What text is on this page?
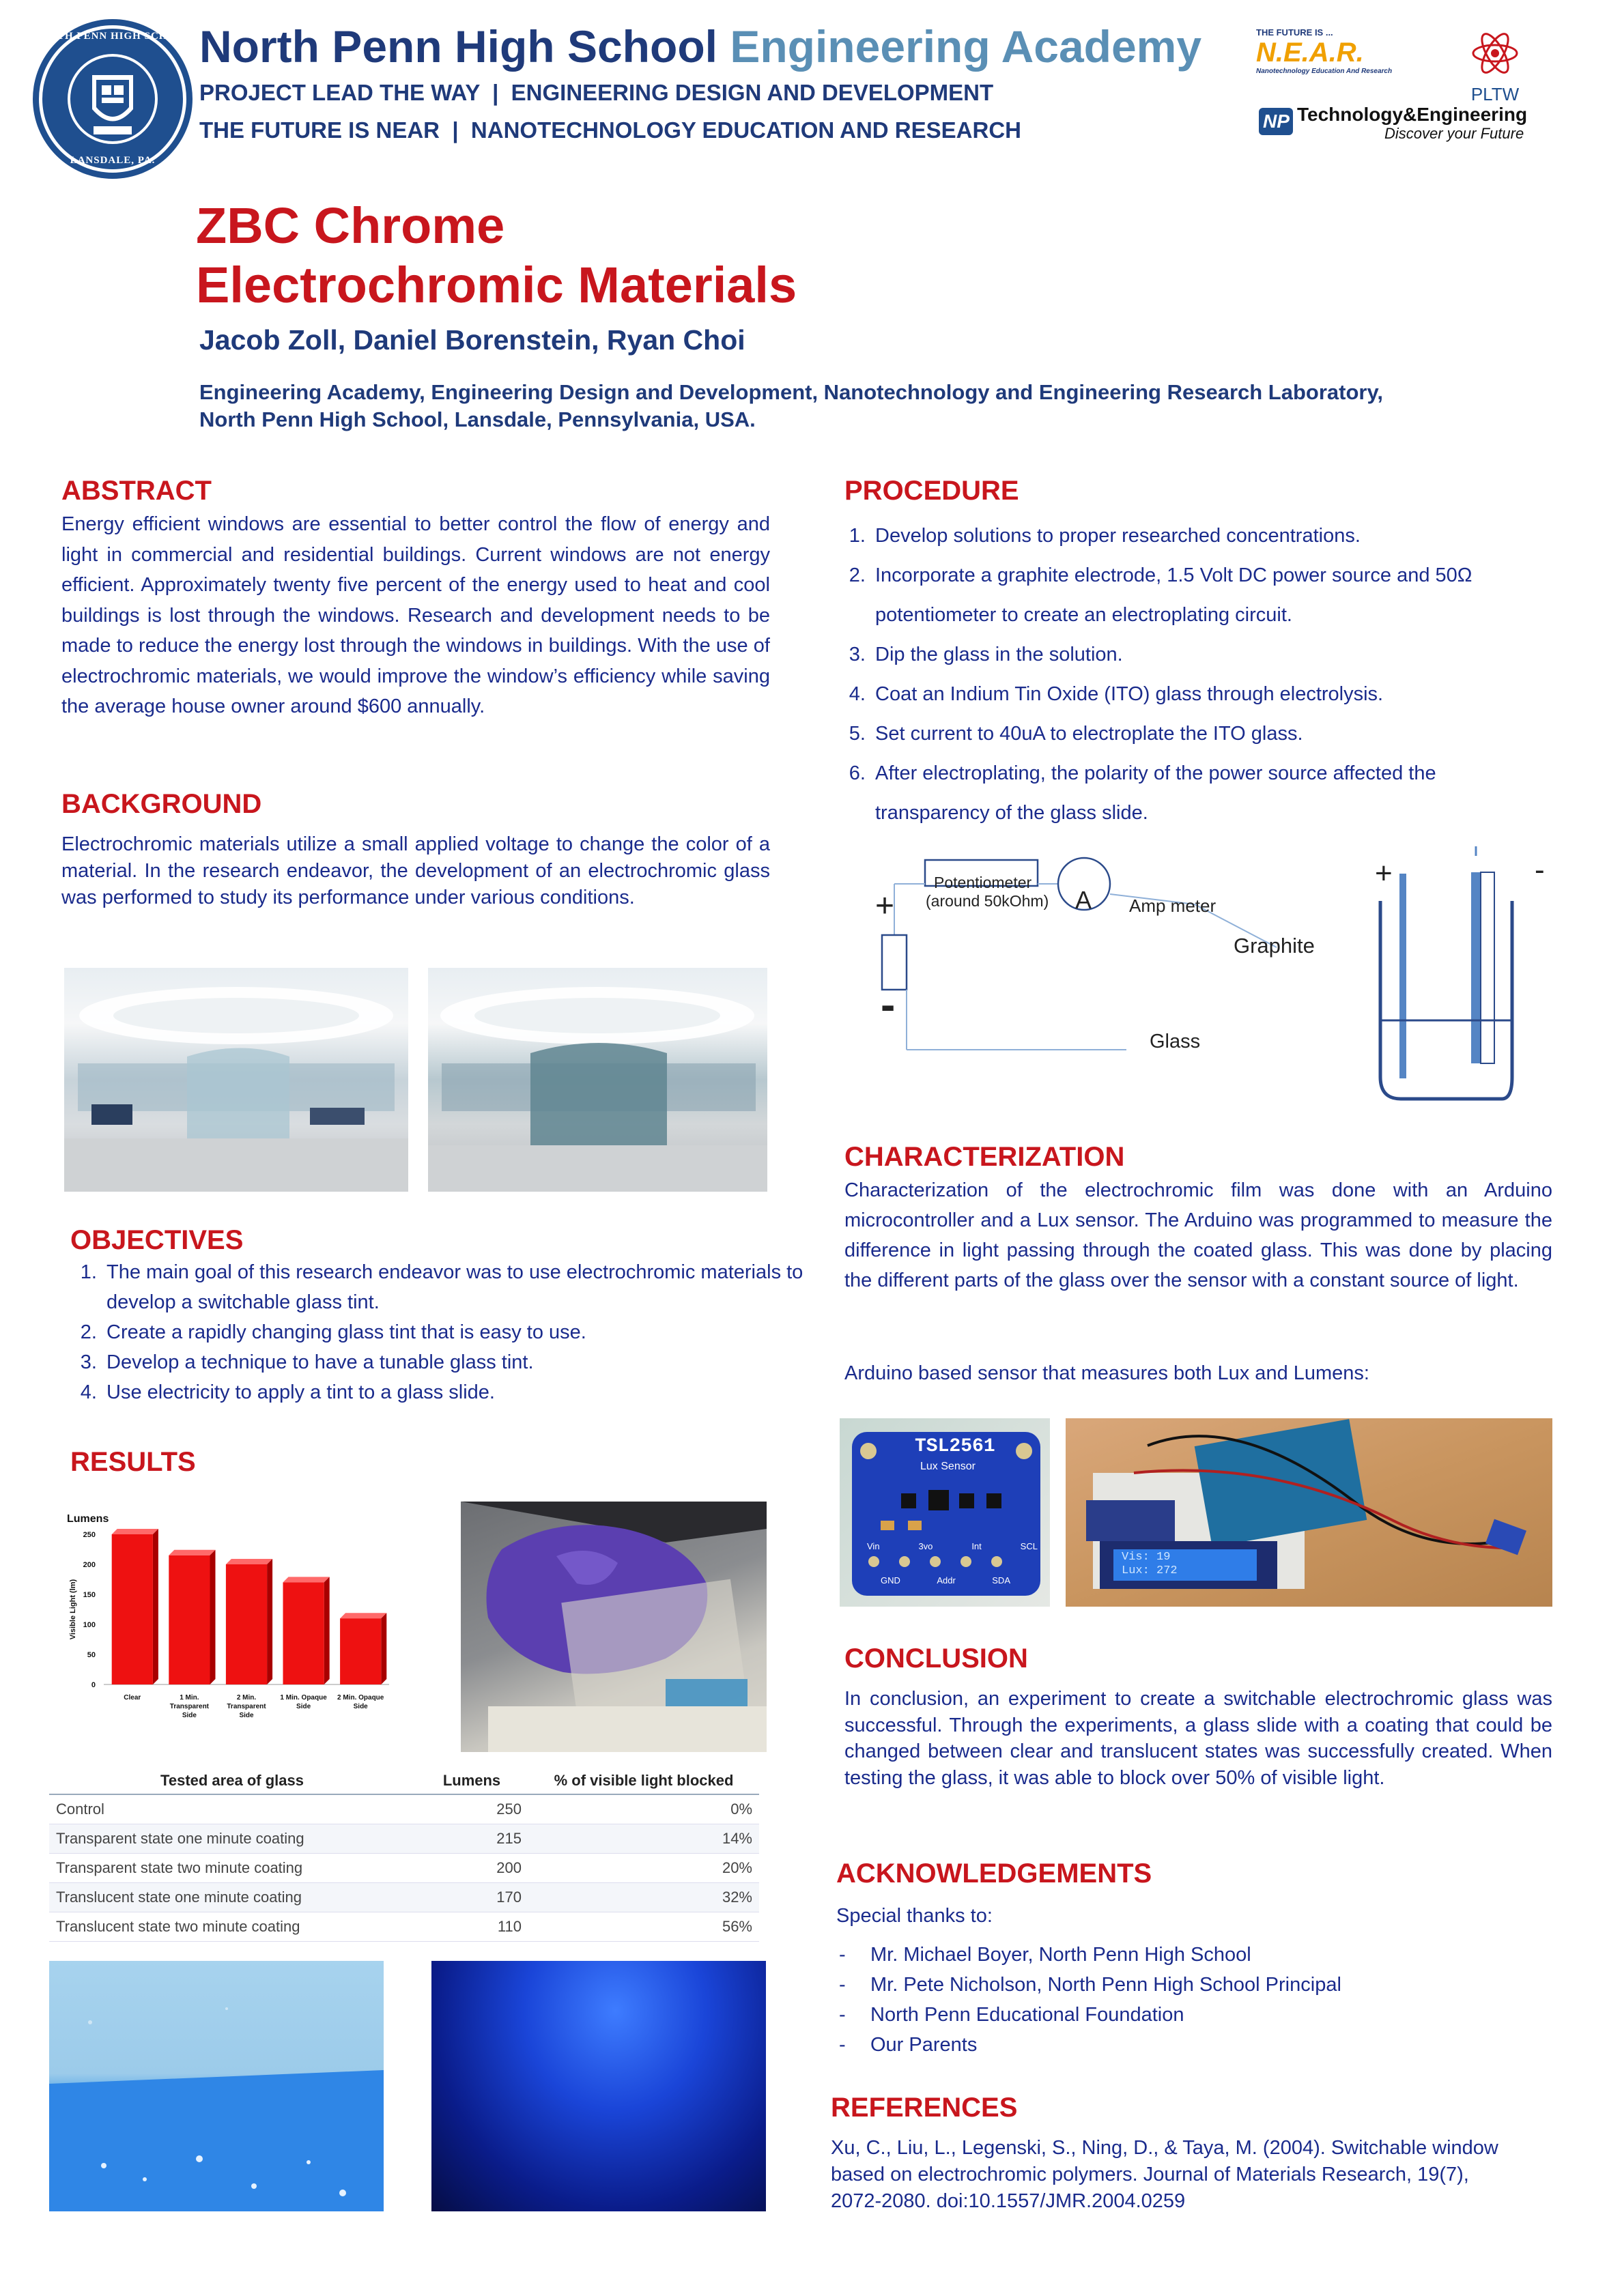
NORTH PENN HIGH SCHOOL
LANSDALE, PA.
North Penn High School Engineering Academy
PROJECT LEAD THE WAY  |  ENGINEERING DESIGN AND DEVELOPMENT
THE FUTURE IS NEAR  |  NANOTECHNOLOGY EDUCATION AND RESEARCH
THE FUTURE IS ...
N.E.A.R.
Nanotechnology Education And Research
PLTW
NP Technology&Engineering
Discover your Future
ZBC Chrome
Electrochromic Materials
Jacob Zoll, Daniel Borenstein, Ryan Choi
Engineering Academy, Engineering Design and Development, Nanotechnology and Engineering Research Laboratory,
North Penn High School, Lansdale, Pennsylvania, USA.
ABSTRACT
Energy efficient windows are essential to better control the flow of energy and light in commercial and residential buildings. Current windows are not energy efficient. Approximately twenty five percent of the energy used to heat and cool buildings is lost through the windows. Research and development needs to be made to reduce the energy lost through the windows in buildings. With the use of electrochromic materials, we would improve the window’s efficiency while saving the average house owner around $600 annually.
BACKGROUND
Electrochromic materials utilize a small applied voltage to change the color of a material. In the research endeavor, the development of an electrochromic glass was performed to study its performance under various conditions.
OBJECTIVES
1. The main goal of this research endeavor was to use electrochromic materials to develop a switchable glass tint.
2. Create a rapidly changing glass tint that is easy to use.
3. Develop a technique to have a tunable glass tint.
4. Use electricity to apply a tint to a glass slide.
RESULTS
Lumens
Visible Light (lm)
0
50
100
150
200
250
Clear	1 Min.
Transparent
Side
2 Min.
Transparent
Side
1 Min. Opaque
Side
2 Min. Opaque
Side
Tested area of glass	Lumens	% of visible light blocked
Control	250	0%
Transparent state one minute coating	215	14%
Transparent state two minute coating	200	20%
Translucent state one minute coating	170	32%
Translucent state two minute coating	110	56%
PROCEDURE
1. Develop solutions to proper researched concentrations.
2. Incorporate a graphite electrode, 1.5 Volt DC power source and 50Ω potentiometer to create an electroplating circuit.
3. Dip the glass in the solution.
4. Coat an Indium Tin Oxide (ITO) glass through electrolysis.
5. Set current to 40uA to electroplate the ITO glass.
6. After electroplating, the polarity of the power source affected the transparency of the glass slide.
Potentiometer
(around 50kOhm) A Amp meter
Graphite
Glass
+
-
+	-
CHARACTERIZATION
Characterization of the electrochromic film was done with an Arduino microcontroller and a Lux sensor. The Arduino was programmed to measure the difference in light passing through the coated glass. This was done by placing the different parts of the glass over the sensor with a constant source of light.
Arduino based sensor that measures both Lux and Lumens:
TSL2561
Lux Sensor
Vin	3vo	Int	SCL
GND	Addr	SDA
Vis: 19
Lux: 272
CONCLUSION
In conclusion, an experiment to create a switchable electrochromic glass was successful. Through the experiments, a glass slide with a coating that could be changed between clear and translucent states was successfully created. When testing the glass, it was able to block over 50% of visible light.
ACKNOWLEDGEMENTS
Special thanks to:
- Mr. Michael Boyer, North Penn High School
- Mr. Pete Nicholson, North Penn High School Principal
- North Penn Educational Foundation
- Our Parents
REFERENCES
Xu, C., Liu, L., Legenski, S., Ning, D., & Taya, M. (2004). Switchable window based on electrochromic polymers. Journal of Materials Research, 19(7), 2072-2080. doi:10.1557/JMR.2004.0259
